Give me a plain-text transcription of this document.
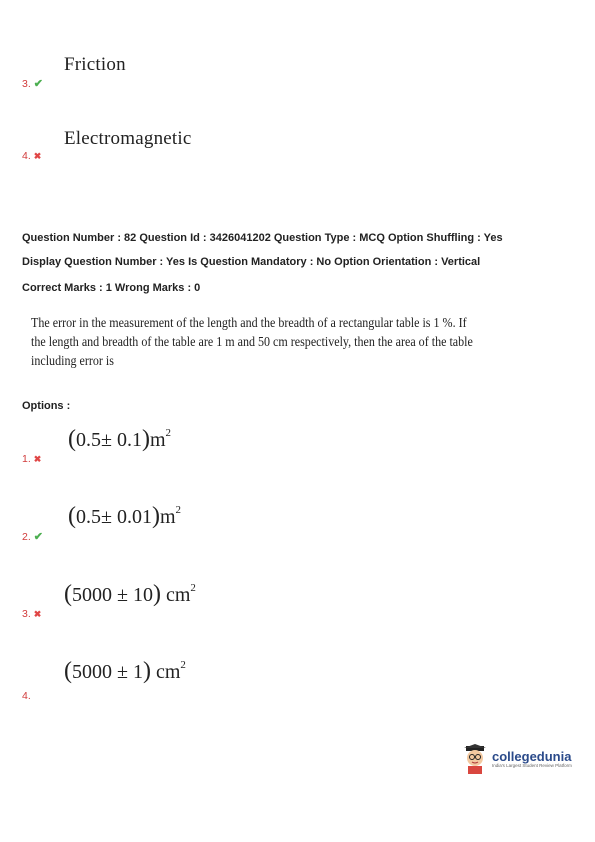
Friction
3. ✔
Electromagnetic
4. ✖
Question Number : 82 Question Id : 3426041202 Question Type : MCQ Option Shuffling : Yes
Display Question Number : Yes Is Question Mandatory : No Option Orientation : Vertical
Correct Marks : 1 Wrong Marks : 0
The error in the measurement of the length and the breadth of a rectangular table is 1 %. If
the length and breadth of the table are 1 m and 50 cm respectively, then the area of the table
including error is
Options :
$(0.5\pm 0.1)m^2$
1. ✖
$(0.5\pm 0.01)m^2$
2. ✔
(5000 ± 10) $cm^2$
3. ✖
(5000 ± 1) $cm^2$
4.
collegedunia
India's Largest Student Review Platform
